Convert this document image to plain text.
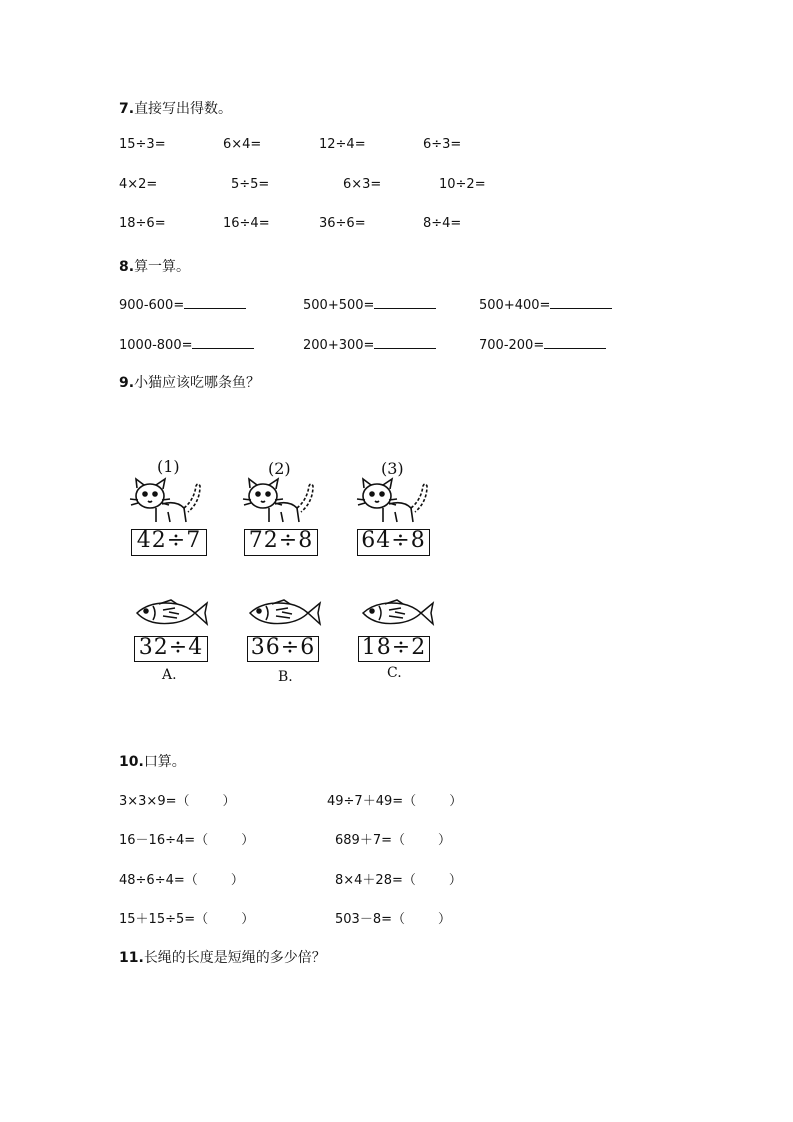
7.直接写出得数。
15÷3=	6×4=	12÷4=	6÷3=
4×2=	5÷5=	6×3=	10÷2=
18÷6=	16÷4=	36÷6=	8÷4=
8.算一算。
900-600=	500+500=	500+400=
1000-800=	200+300=	700-200=
9.小猫应该吃哪条鱼？
(1)
42÷7
(2)
72÷8
(3)
64÷8
32÷4
A.
36÷6
B.
18÷2
C.
10.口算。
3×3×9=（        ）	49÷7＋49=（        ）
16－16÷4=（        ）	689＋7=（        ）
48÷6÷4=（        ）	8×4＋28=（        ）
15＋15÷5=（        ）	503－8=（        ）
11.长绳的长度是短绳的多少倍？
